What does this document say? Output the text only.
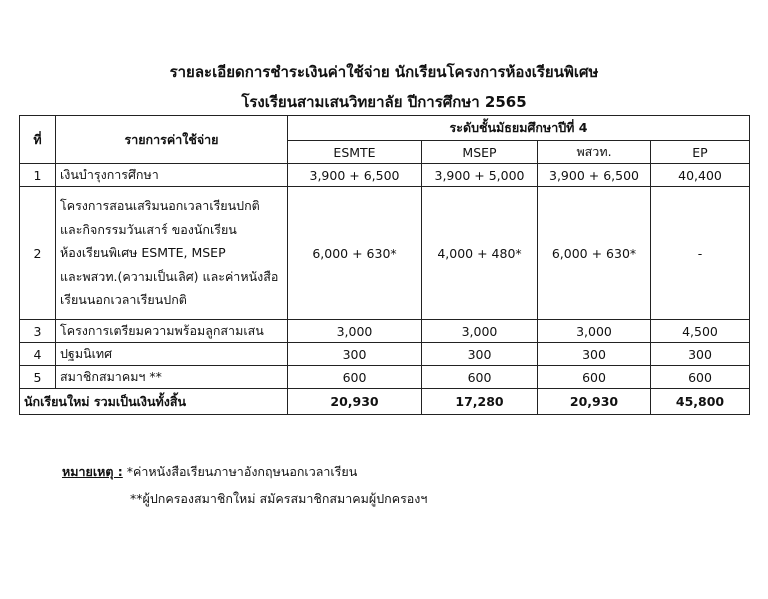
รายละเอียดการชำระเงินค่าใช้จ่าย นักเรียนโครงการห้องเรียนพิเศษ
โรงเรียนสามเสนวิทยาลัย ปีการศึกษา 2565
ที่	รายการค่าใช้จ่าย	ระดับชั้นมัธยมศึกษาปีที่ 4			
		ESMTE	MSEP	พสวท.	EP
1	เงินบำรุงการศึกษา	3,900 + 6,500	3,900 + 5,000	3,900 + 6,500	40,400
2	โครงการสอนเสริมนอกเวลาเรียนปกติ
และกิจกรรมวันเสาร์ ของนักเรียน
ห้องเรียนพิเศษ ESMTE, MSEP
และพสวท.(ความเป็นเลิศ) และค่าหนังสือ
เรียนนอกเวลาเรียนปกติ	6,000 + 630*	4,000 + 480*	6,000 + 630*	-
3	โครงการเตรียมความพร้อมลูกสามเสน	3,000	3,000	3,000	4,500
4	ปฐมนิเทศ	300	300	300	300
5	สมาชิกสมาคมฯ **	600	600	600	600
นักเรียนใหม่ รวมเป็นเงินทั้งสิ้น		20,930	17,280	20,930	45,800
หมายเหตุ : *ค่าหนังสือเรียนภาษาอังกฤษนอกเวลาเรียน
**ผู้ปกครองสมาชิกใหม่ สมัครสมาชิกสมาคมผู้ปกครองฯ
